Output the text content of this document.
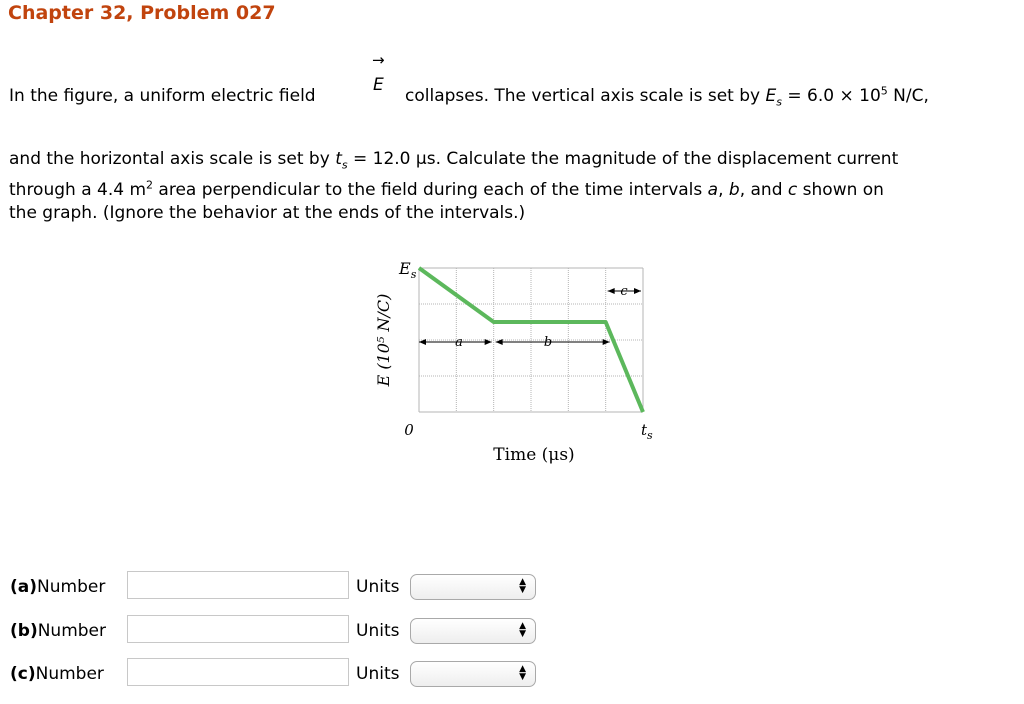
Chapter 32, Problem 027
In the figure, a uniform electric field
→
E
collapses. The vertical axis scale is set by $E_s = 6.0 \times 10^5$ N/C,
and the horizontal axis scale is set by $t_s = 12.0$ μs. Calculate the magnitude of the displacement current
through a 4.4 $m^2$ area perpendicular to the field during each of the time intervals a, b, and c shown on
the graph. (Ignore the behavior at the ends of the intervals.)
E (10⁵ N/C)
$E_s$
0	$t_s$
Time (μs)
a	b
c
(a)Number	Units	▲
▼
(b)Number	Units	▲
▼
(c)Number	Units	▲
▼
